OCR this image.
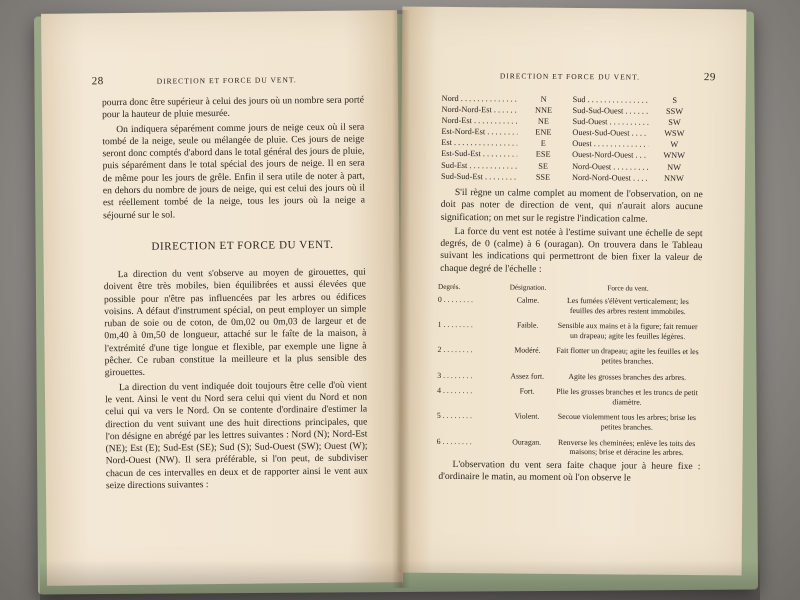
28	DIRECTION ET FORCE DU VENT.

pourra donc être supérieur à celui des jours où un nombre sera porté pour la hauteur de pluie mesurée.

On indiquera séparément comme jours de neige ceux où il sera tombé de la neige, seule ou mélangée de pluie. Ces jours de neige seront donc comptés d'abord dans le total général des jours de pluie, puis séparément dans le total spécial des jours de neige. Il en sera de même pour les jours de grêle. Enfin il sera utile de noter à part, en dehors du nombre de jours de neige, qui est celui des jours où il est réellement tombé de la neige, tous les jours où la neige a séjourné sur le sol.

DIRECTION ET FORCE DU VENT.

La direction du vent s'observe au moyen de girouettes, qui doivent être très mobiles, bien équilibrées et aussi élevées que possible pour n'être pas influencées par les arbres ou édifices voisins. A défaut d'instrument spécial, on peut employer un simple ruban de soie ou de coton, de 0m,02 ou 0m,03 de largeur et de 0m,40 à 0m,50 de longueur, attaché sur le faîte de la maison, à l'extrémité d'une tige longue et flexible, par exemple une ligne à pêcher. Ce ruban constitue la meilleure et la plus sensible des girouettes.

La direction du vent indiquée doit toujours être celle d'où vient le vent. Ainsi le vent du Nord sera celui qui vient du Nord et non celui qui va vers le Nord. On se contente d'ordinaire d'estimer la direction du vent suivant une des huit directions principales, que l'on désigne en abrégé par les lettres suivantes : Nord (N); Nord-Est (NE); Est (E); Sud-Est (SE); Sud (S); Sud-Ouest (SW); Ouest (W); Nord-Ouest (NW). Il sera préférable, si l'on peut, de subdiviser chacun de ces intervalles en deux et de rapporter ainsi le vent aux seize directions suivantes :

DIRECTION ET FORCE DU VENT.	29
Nord . . .	N	Sud . . .	S
Nord-Nord-Est . . .	NNE	Sud-Sud-Ouest . . .	SSW
Nord-Est . . .	NE	Sud-Ouest . . .	SW
Est-Nord-Est . . .	ENE	Ouest-Sud-Ouest . . .	WSW
Est . . .	E	Ouest . . .	W
Est-Sud-Est . . .	ESE	Ouest-Nord-Ouest . . .	WNW
Sud-Est . . .	SE	Nord-Ouest . . .	NW
Sud-Sud-Est . . .	SSE	Nord-Nord-Ouest . . .	NNW

S'il règne un calme complet au moment de l'observation, on ne doit pas noter de direction de vent, qui n'aurait alors aucune signification; on met sur le registre l'indication calme.

La force du vent est notée à l'estime suivant une échelle de sept degrés, de 0 (calme) à 6 (ouragan). On trouvera dans le Tableau suivant les indications qui permettront de bien fixer la valeur de chaque degré de l'échelle :

Degrés.	Désignation.	Force du vent.
0 . . .	Calme.	Les fumées s'élèvent verticalement; les feuilles des arbres restent immobiles.
1 . . .	Faible.	Sensible aux mains et à la figure; fait remuer un drapeau; agite les feuilles légères.
2 . . .	Modéré.	Fait flotter un drapeau; agite les feuilles et les petites branches.
3 . . .	Assez fort.	Agite les grosses branches des arbres.
4 . . .	Fort.	Plie les grosses branches et les troncs de petit diamètre.
5 . . .	Violent.	Secoue violemment tous les arbres; brise les petites branches.
6 . . .	Ouragan.	Renverse les cheminées; enlève les toits des maisons; brise et déracine les arbres.

L'observation du vent sera faite chaque jour à heure fixe : d'ordinaire le matin, au moment où l'on observe le
